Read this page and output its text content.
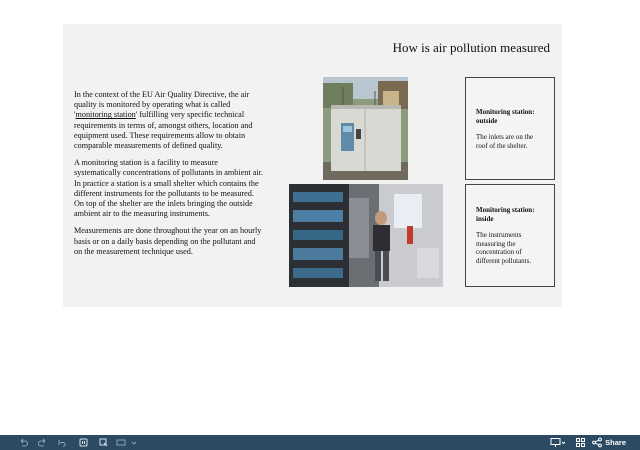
How is air pollution measured

In the context of the EU Air Quality Directive, the air quality is monitored by operating what is called 'monitoring station' fulfilling very specific technical requirements in terms of, amongst others, location and equipment used. These requirements allow to obtain comparable measurements of defined quality.

A monitoring station is a facility to measure systematically concentrations of pollutants in ambient air. In practice a station is a small shelter which contains the different instruments for the pollutants to be measured. On top of the shelter are the inlets bringing the outside ambient air to the measuring instruments.

Measurements are done throughout the year on an hourly basis or on a daily basis depending on the pollutant and on the measurement technique used.

Monitoring station: outside
The inlets are on the roof of the shelter.
Monitoring station: inside
The instruments measuring the concentration of different pollutants.
Share
